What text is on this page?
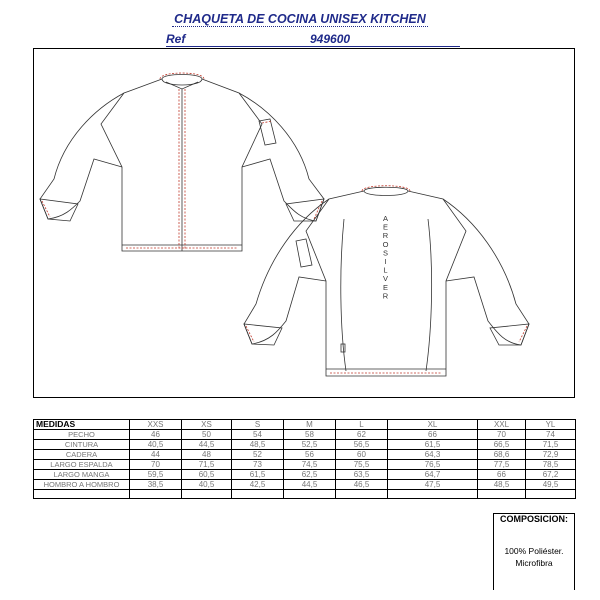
CHAQUETA DE COCINA UNISEX KITCHEN
Ref	949600
A E R O S I L V E R
MEDIDAS	XXS	XS	S	M	L	XL	XXL	YL
PECHO	46	50	54	58	62	66	70	74
CINTURA	40,5	44,5	48,5	52,5	56,5	61,5	66,5	71,5
CADERA	44	48	52	56	60	64,3	68,6	72,9
LARGO ESPALDA	70	71,5	73	74,5	75,5	76,5	77,5	78,5
LARGO MANGA	59,5	60,5	61,5	62,5	63,5	64,7	66	67,2
HOMBRO A HOMBRO	38,5	40,5	42,5	44,5	46,5	47,5	48,5	49,5

COMPOSICION:
100% Poliéster.
Microfibra
